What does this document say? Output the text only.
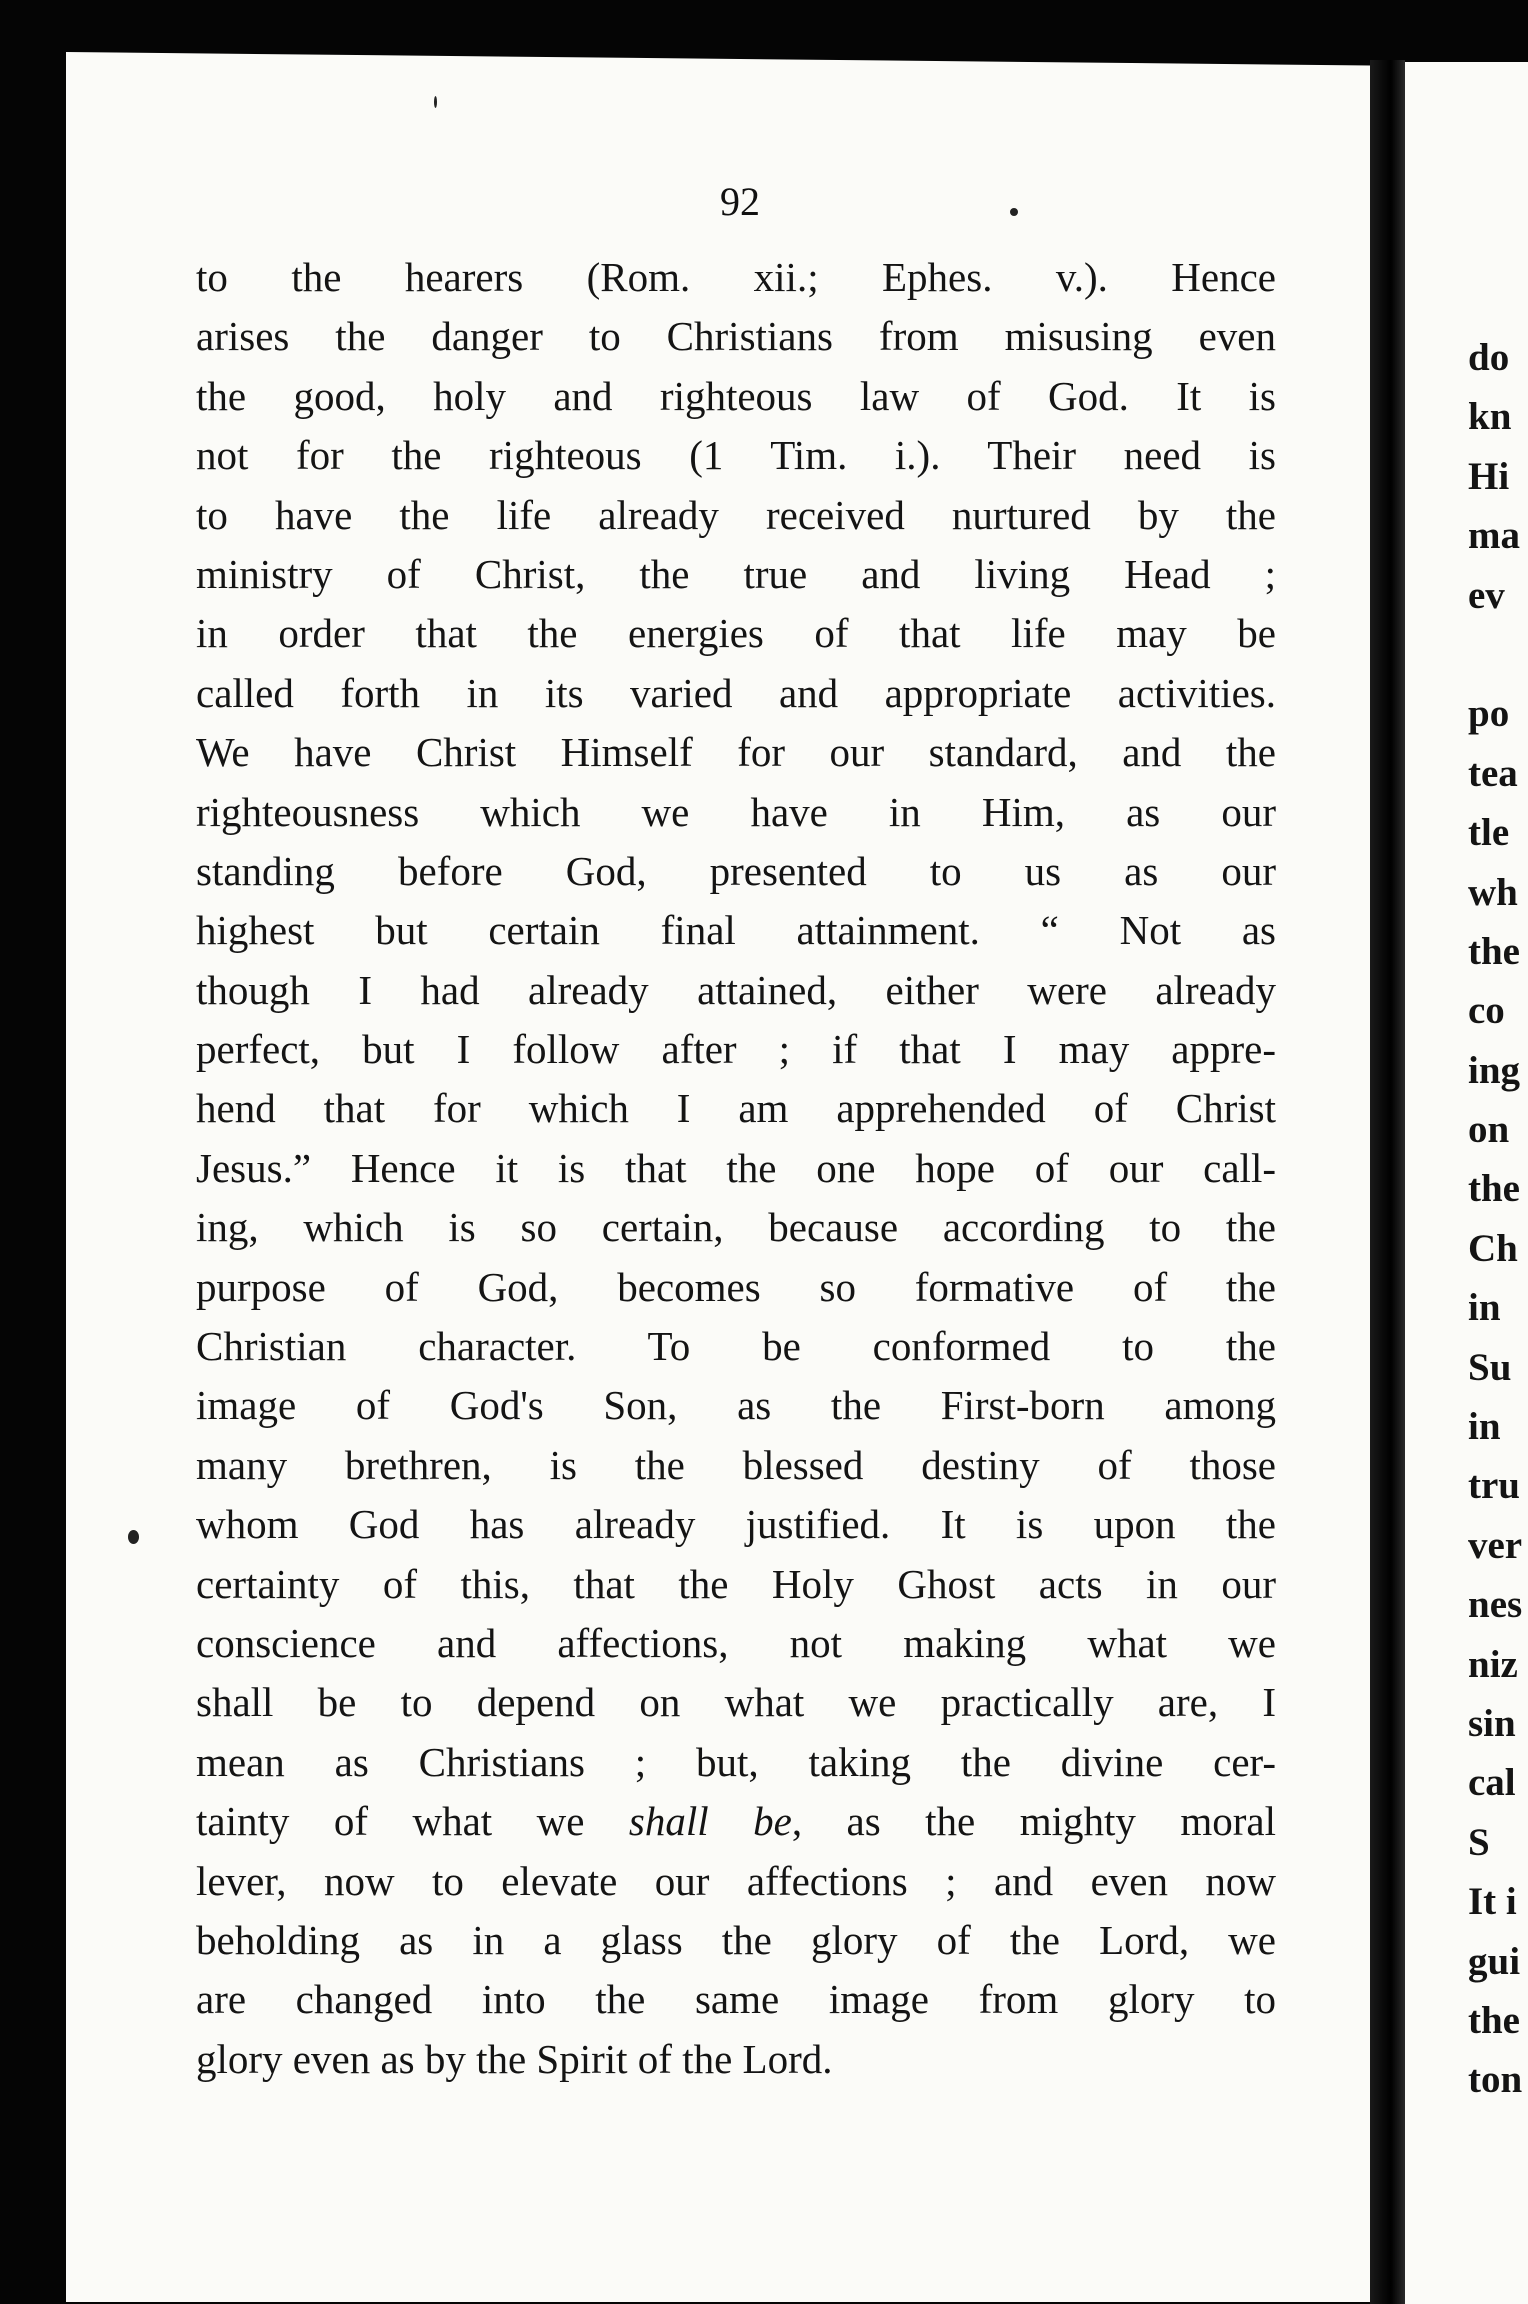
92
to the hearers (Rom. xii.; Ephes. v.). Hence
arises the danger to Christians from misusing even
the good, holy and righteous law of God. It is
not for the righteous (1 Tim. i.). Their need is
to have the life already received nurtured by the
ministry of Christ, the true and living Head ;
in order that the energies of that life may be
called forth in its varied and appropriate activities.
We have Christ Himself for our standard, and the
righteousness which we have in Him, as our
standing before God, presented to us as our
highest but certain final attainment. “ Not as
though I had already attained, either were already
perfect, but I follow after ; if that I may appre-
hend that for which I am apprehended of Christ
Jesus.” Hence it is that the one hope of our call-
ing, which is so certain, because according to the
purpose of God, becomes so formative of the
Christian character. To be conformed to the
image of God's Son, as the First-born among
many brethren, is the blessed destiny of those
whom God has already justified. It is upon the
certainty of this, that the Holy Ghost acts in our
conscience and affections, not making what we
shall be to depend on what we practically are, I
mean as Christians ; but, taking the divine cer-
tainty of what we shall be, as the mighty moral
lever, now to elevate our affections ; and even now
beholding as in a glass the glory of the Lord, we
are changed into the same image from glory to
glory even as by the Spirit of the Lord.
do
kn
Hi
ma
ev
po
tea
tle
wh
the
co
ing
on
the
Ch
in
Su
in
tru
ver
nes
niz
sin
cal
S
It i
gui
the
ton
